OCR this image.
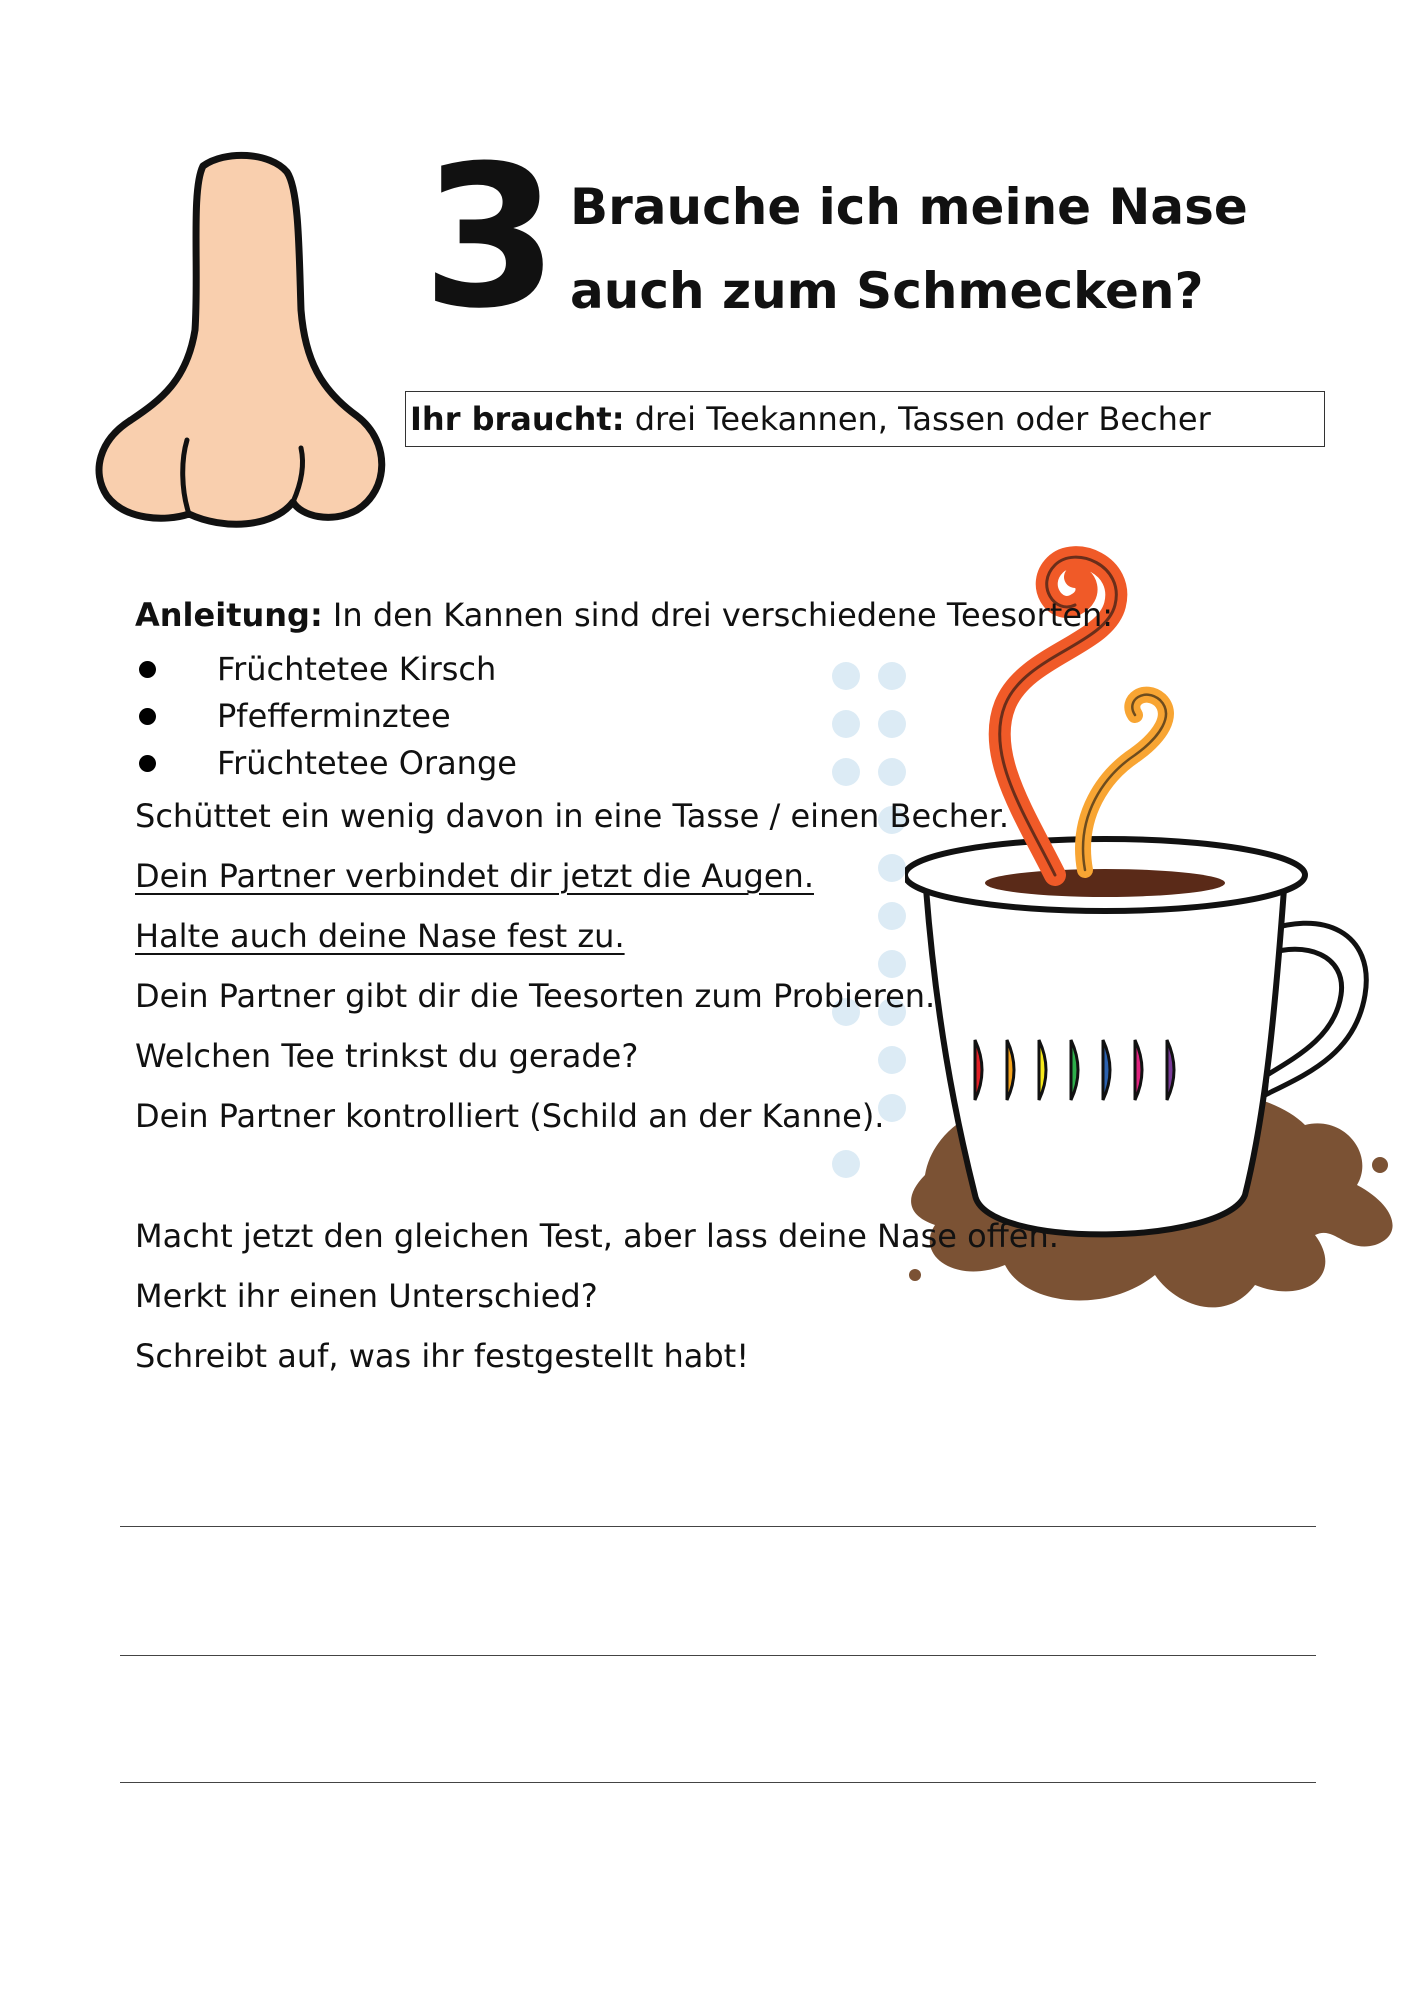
3 Brauche ich meine Nase auch zum Schmecken?
Ihr braucht: drei Teekannen, Tassen oder Becher
Anleitung: In den Kannen sind drei verschiedene Teesorten:
Früchtetee Kirsch
Pfefferminztee
Früchtetee Orange
Schüttet ein wenig davon in eine Tasse / einen Becher.
Dein Partner verbindet dir jetzt die Augen.
Halte auch deine Nase fest zu.
Dein Partner gibt dir die Teesorten zum Probieren.
Welchen Tee trinkst du gerade?
Dein Partner kontrolliert (Schild an der Kanne).
Macht jetzt den gleichen Test, aber lass deine Nase offen.
Merkt ihr einen Unterschied?
Schreibt auf, was ihr festgestellt habt!
